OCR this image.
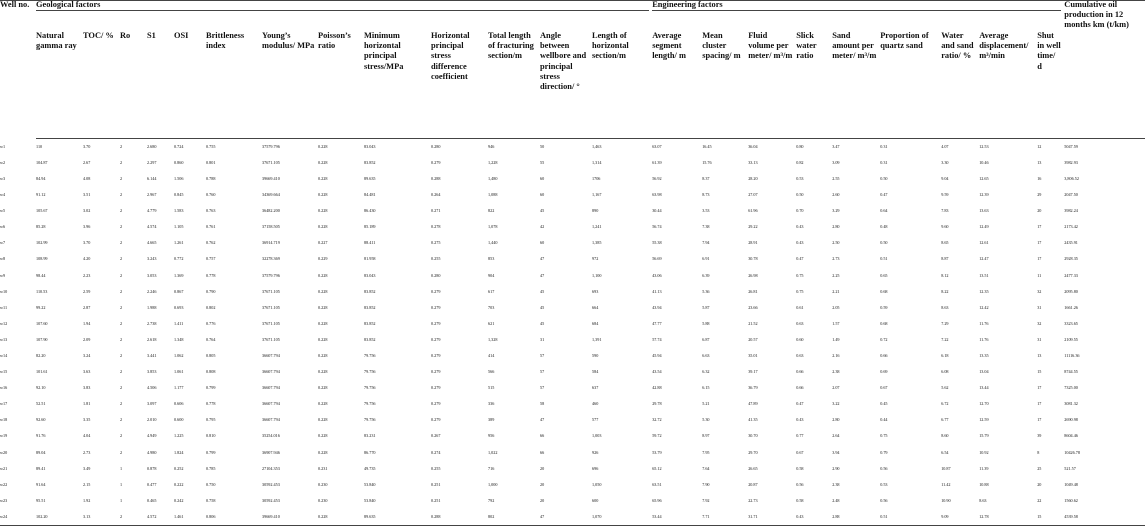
Well no.	Geological factors													Engineering factors									Cumulative oil production in 12 months km (t/km)
	Natural gamma ray	TOC/ %	Ro	S1	OSI	Brittleness index	Young’s modulus/ MPa	Poisson’s ratio	Minimum horizontal principal stress/MPa	Horizontal principal stress difference coefficient	Total length of fracturing section/m	Angle between wellbore and principal stress direction/ °	Length of horizontal section/m	Average segment length/ m	Mean cluster spacing/ m	Fluid volume per meter/ m³/m	Slick water ratio	Sand amount per meter/ m³/m	Proportion of quartz sand	Water and sand ratio/ %	Average displacement/ m³/min	Shut in well time/ d	
w1	110	3.70	2	2.680	0.724	0.755	37579.796	0.228	83.043	0.280	946	50	1,463	63.07	16.45	36.04	0.80	3.47	0.31	4.07	12.53	12	5047.59
w2	104.87	2.67	2	2.297	0.860	0.801	37671.105	0.228	83.852	0.279	1,228	55	1,314	61.39	15.76	33.13	0.82	3.09	0.31	3.30	10.46	13	3982.93
w3	84.94	4.08	2	6.144	1.506	0.788	39669.410	0.228	89.635	0.288	1,480	60	1706	56.92	8.37	28.20	0.53	2.55	0.50	9.04	12.65	16	3,806.52
w4	91.12	3.51	2	2.967	0.845	0.760	34369.664	0.228	84.481	0.264	1,088	60	1,167	63.98	8.73	27.07	0.50	2.60	0.47	9.59	12.39	29	2047.50
w5	105.67	3.02	2	4.779	1.583	0.763	36482.200	0.228	86.430	0.271	822	45	890	30.44	3.53	61.96	0.70	3.29	0.64	7.83	13.63	20	3982.24
w6	85.28	3.96	2	4.574	1.105	0.761	37158.505	0.228	85.189	0.278	1,078	42	1,241	56.74	7.38	29.22	0.43	2.80	0.48	9.60	12.49	17	2173.42
w7	102.99	3.70	2	4.665	1.261	0.762	36914.719	0.227	88.411	0.275	1,440	60	1,385	55.38	7.94	28.91	0.43	2.50	0.50	8.65	12.61	17	2435.91
w8	108.99	4.20	2	3.243	0.772	0.757	32278.369	0.229	81.958	0.255	853	47	972	56.69	6.91	30.78	0.47	2.73	0.51	8.87	12.47	17	2928.35
w9	98.44	2.23	2	3.053	1.369	0.778	37579.796	0.228	83.043	0.280	904	47	1,100	43.06	6.39	26.98	0.75	2.25	0.65	8.12	13.51	11	2477.33
w10	110.53	2.59	2	2.246	0.867	0.790	37671.105	0.228	83.852	0.279	617	45	693	41.13	5.36	26.81	0.75	2.21	0.68	8.22	12.35	32	2095.80
w11	99.22	2.87	2	1.988	0.693	0.802	37671.105	0.228	83.852	0.279	703	45	664	43.94	5.87	23.66	0.61	2.05	0.59	8.63	12.42	31	1661.26
w12	107.60	1.94	2	2.738	1.411	0.776	37671.105	0.228	83.852	0.279	621	45	684	47.77	5.88	21.52	0.63	1.57	0.68	7.29	11.76	32	3323.65
w13	107.90	2.09	2	2.618	1.348	0.764	37671.105	0.228	83.852	0.279	1,328	31	1,391	57.74	6.87	20.57	0.60	1.49	0.72	7.22	11.76	31	2109.55
w14	82.20	3.24	2	3.441	1.062	0.805	36607.794	0.228	79.756	0.279	414	57	590	45.94	6.63	35.01	0.63	2.16	0.66	6.18	13.35	13	11116.36
w15	101.61	3.63	2	3.853	1.061	0.808	36607.794	0.228	79.756	0.279	566	57	584	43.54	6.32	39.17	0.66	2.38	0.69	6.08	13.04	15	8744.55
w16	92.10	3.83	2	4.506	1.177	0.799	36607.794	0.228	79.756	0.279	515	57	637	42.88	6.15	36.79	0.66	2.07	0.67	5.62	13.44	17	7325.00
w17	52.51	1.81	2	3.097	0.606	0.778	36607.794	0.228	79.756	0.279	336	58	460	29.78	5.21	47.89	0.47	3.22	0.45	6.72	12.70	17	3081.32
w18	92.60	3.35	2	2.010	0.600	0.795	36607.794	0.228	79.756	0.279	389	47	577	32.72	5.30	41.35	0.43	2.80	0.44	6.77	12.59	17	2690.98
w19	91.76	4.04	2	4.949	1.225	0.810	35254.016	0.228	83.231	0.267	956	66	1,003	59.72	8.97	30.70	0.77	2.64	0.75	8.60	15.79	39	8604.46
w20	89.04	2.73	2	4.980	1.824	0.799	36907.946	0.228	86.770	0.274	1,022	66	926	53.79	7.95	29.70	0.67	3.94	0.79	6.54	10.92	8	10426.78
w21	89.41	3.49	1	0.878	0.252	0.785	27104.353	0.231	49.735	0.255	716	20	696	65.12	7.64	26.65	0.58	2.90	0.56	10.87	11.39	25	521.57
w22	91.64	2.15	1	0.477	0.222	0.750	30592.453	0.230	53.840	0.251	1,000	20	1,050	63.51	7.90	20.87	0.56	2.38	0.53	11.42	10.88	20	1049.48
w23	95.51	1.92	1	0.465	0.242	0.758	30592.453	0.230	53.840	0.251	792	20	600	65.96	7.92	22.73	0.58	2.48	0.56	10.90	8.63	22	1560.62
w24	102.20	3.13	2	4.572	1.461	0.806	39669.410	0.228	89.635	0.288	802	47	1,070	53.44	7.71	31.71	0.43	2.88	0.51	9.09	12.78	15	4539.58
